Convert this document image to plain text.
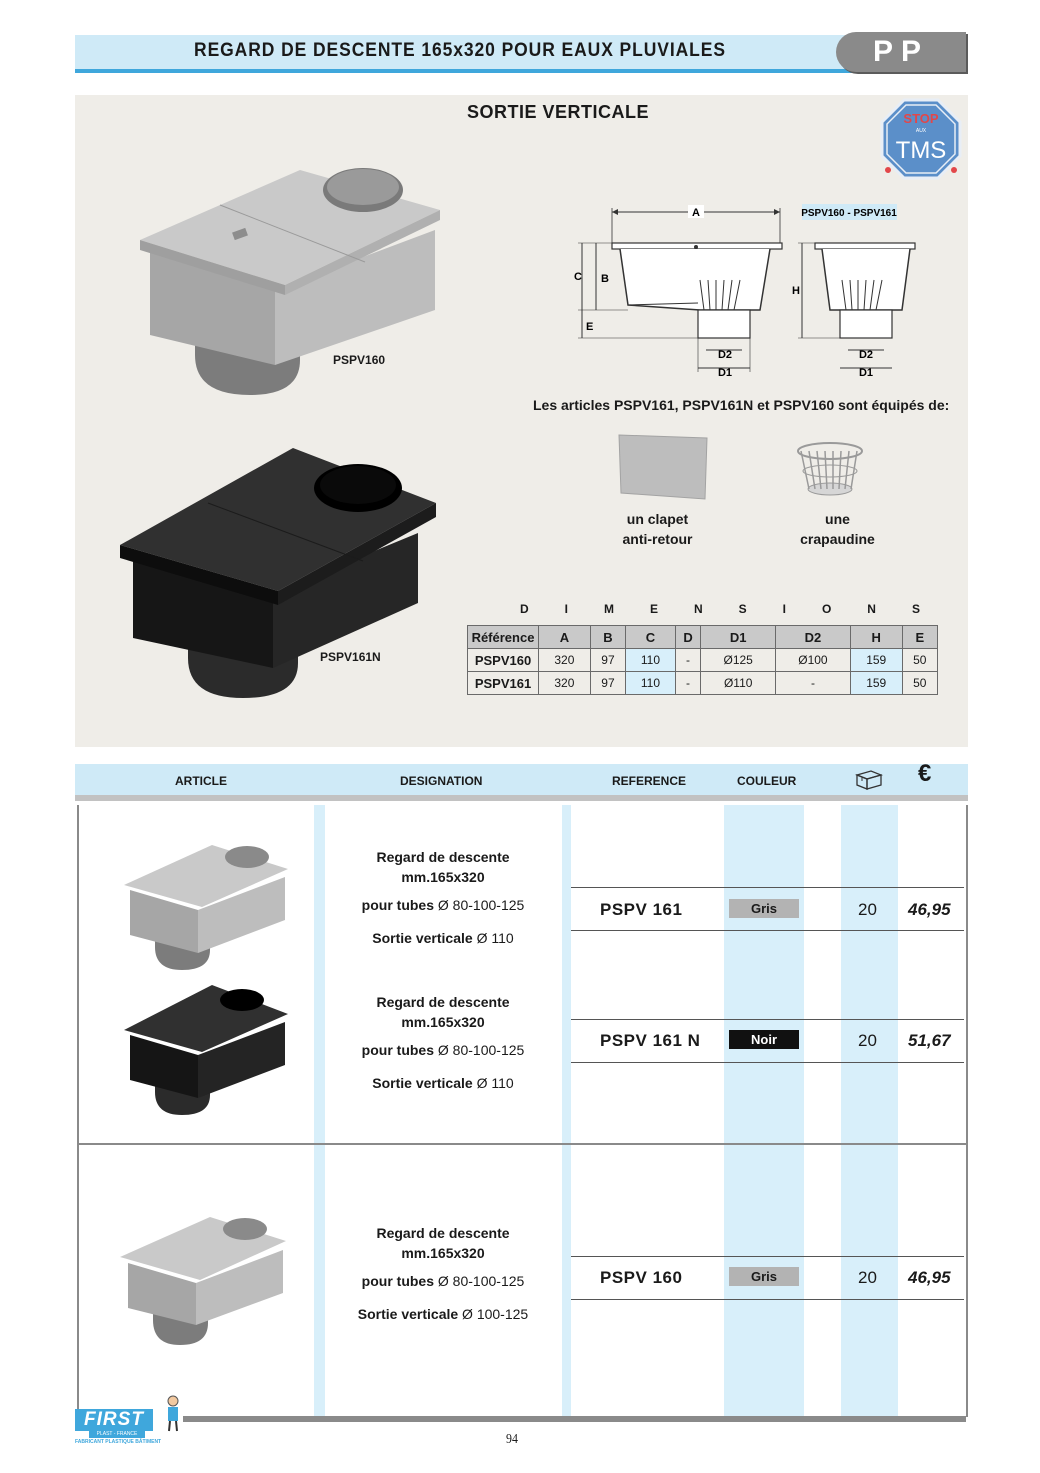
REGARD DE DESCENTE 165x320 POUR EAUX PLUVIALES	PP
SORTIE VERTICALE	STOP
AUX
TMS
PSPV160
PSPV161N
A
C B
E
D2
D1
PSPV160 - PSPV161
H
D2
D1
Les articles PSPV161, PSPV161N et PSPV160 sont équipés de:
un clapet
anti-retour
une
crapaudine
D	I	M	E	N	S	I	O	N	S
Référence	A	B	C	D	D1	D2	H	E
PSPV160	320	97	110	-	Ø125	Ø100	159	50
PSPV161	320	97	110	-	Ø110	-	159	50
ARTICLE	DESIGNATION	REFERENCE	COULEUR	€
Regard de descente
mm.165x320
pour tubes Ø 80-100-125
Sortie verticale Ø 110
PSPV 161	Gris	20 46,95
Regard de descente
mm.165x320
pour tubes Ø 80-100-125
Sortie verticale Ø 110
PSPV 161 N	Noir	20 51,67
Regard de descente
mm.165x320
pour tubes Ø 80-100-125
Sortie verticale Ø 100-125
PSPV 160	Gris	20 46,95
FIRST
PLAST - FRANCE
FABRICANT PLASTIQUE BÂTIMENT	94
